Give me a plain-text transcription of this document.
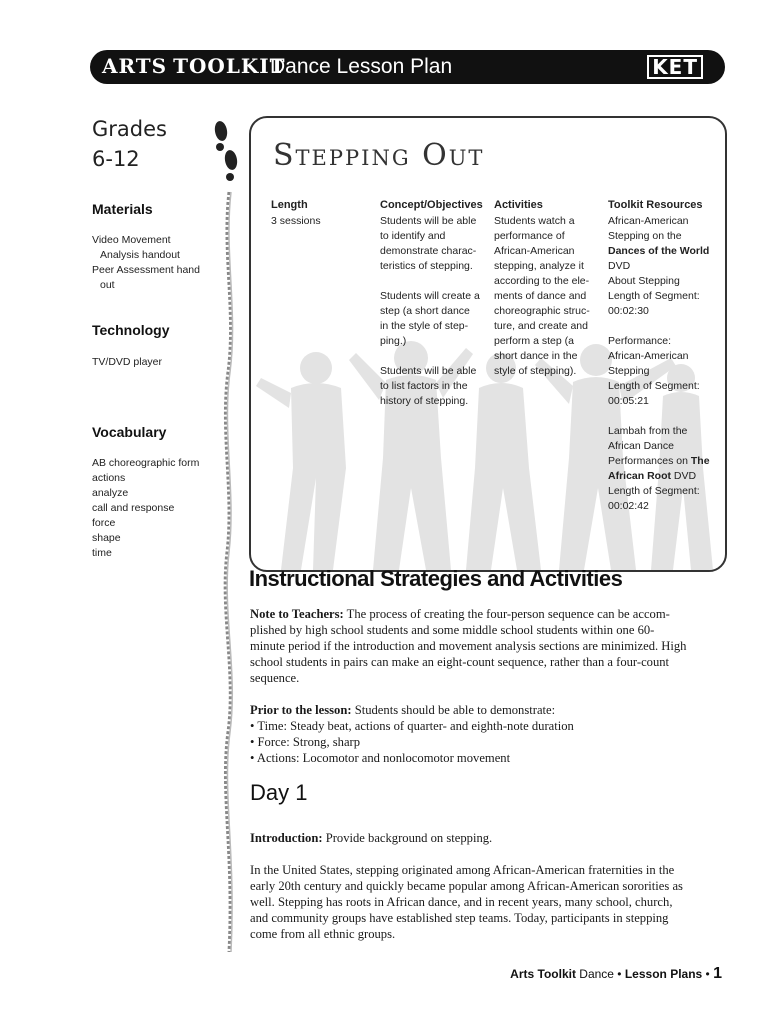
ARTS TOOLKIT
Dance Lesson Plan	KET
Grades
6-12
Materials
Video Movement
Analysis handout
Peer Assessment hand
out
Technology
TV/DVD player
Vocabulary
AB choreographic form
actions
analyze
call and response
force
shape
time
Stepping Out
Length
3 sessions
Concept/Objectives

Students will be able
to identify and
demonstrate charac-
teristics of stepping.

Students will create a
step (a short dance
in the style of step-
ping.)

Students will be able
to list factors in the
history of stepping.

Activities
Students watch a
performance of
African-American
stepping, analyze it
according to the ele-
ments of dance and
choreographic struc-
ture, and create and
perform a step (a
short dance in the
style of stepping).
Toolkit Resources

African-American
Stepping on the
Dances of the World
DVD
About Stepping
Length of Segment:
00:02:30

Performance:
African-American
Stepping
Length of Segment:
00:05:21

Lambah from the
African Dance
Performances on The
African Root DVD
Length of Segment:
00:02:42

Instructional Strategies and Activities
Note to Teachers: The process of creating the four-person sequence can be accom-
plished by high school students and some middle school students within one 60-
minute period if the introduction and movement analysis sections are minimized. High
school students in pairs can make an eight-count sequence, rather than a four-count
sequence.
Prior to the lesson: Students should be able to demonstrate:
• Time: Steady beat, actions of quarter- and eighth-note duration
• Force: Strong, sharp
• Actions: Locomotor and nonlocomotor movement
Day 1
Introduction: Provide background on stepping.
In the United States, stepping originated among African-American fraternities in the
early 20th century and quickly became popular among African-American sororities as
well. Stepping has roots in African dance, and in recent years, many school, church,
and community groups have established step teams. Today, participants in stepping
come from all ethnic groups.
Arts Toolkit Dance • Lesson Plans • 1
